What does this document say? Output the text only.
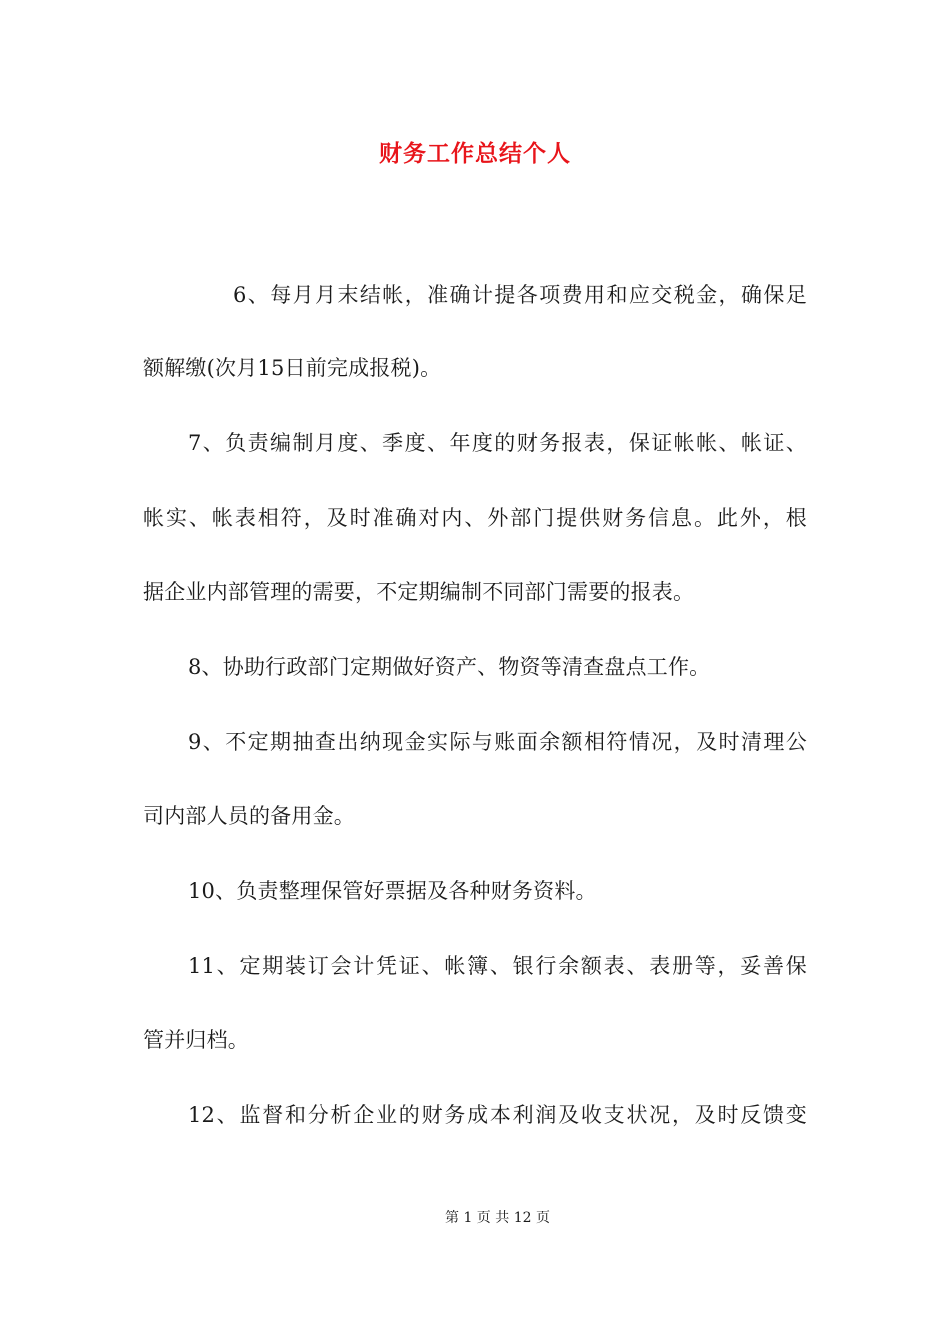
财务工作总结个人
6、每月月末结帐，准确计提各项费用和应交税金，确保足
额解缴(次月15日前完成报税)。
7、负责编制月度、季度、年度的财务报表，保证帐帐、帐证、
帐实、帐表相符，及时准确对内、外部门提供财务信息。此外，根
据企业内部管理的需要，不定期编制不同部门需要的报表。
8、协助行政部门定期做好资产、物资等清查盘点工作。
9、不定期抽查出纳现金实际与账面余额相符情况，及时清理公
司内部人员的备用金。
10、负责整理保管好票据及各种财务资料。
11、定期装订会计凭证、帐簿、银行余额表、表册等，妥善保
管并归档。
12、监督和分析企业的财务成本利润及收支状况，及时反馈变
第 1 页 共 12 页
